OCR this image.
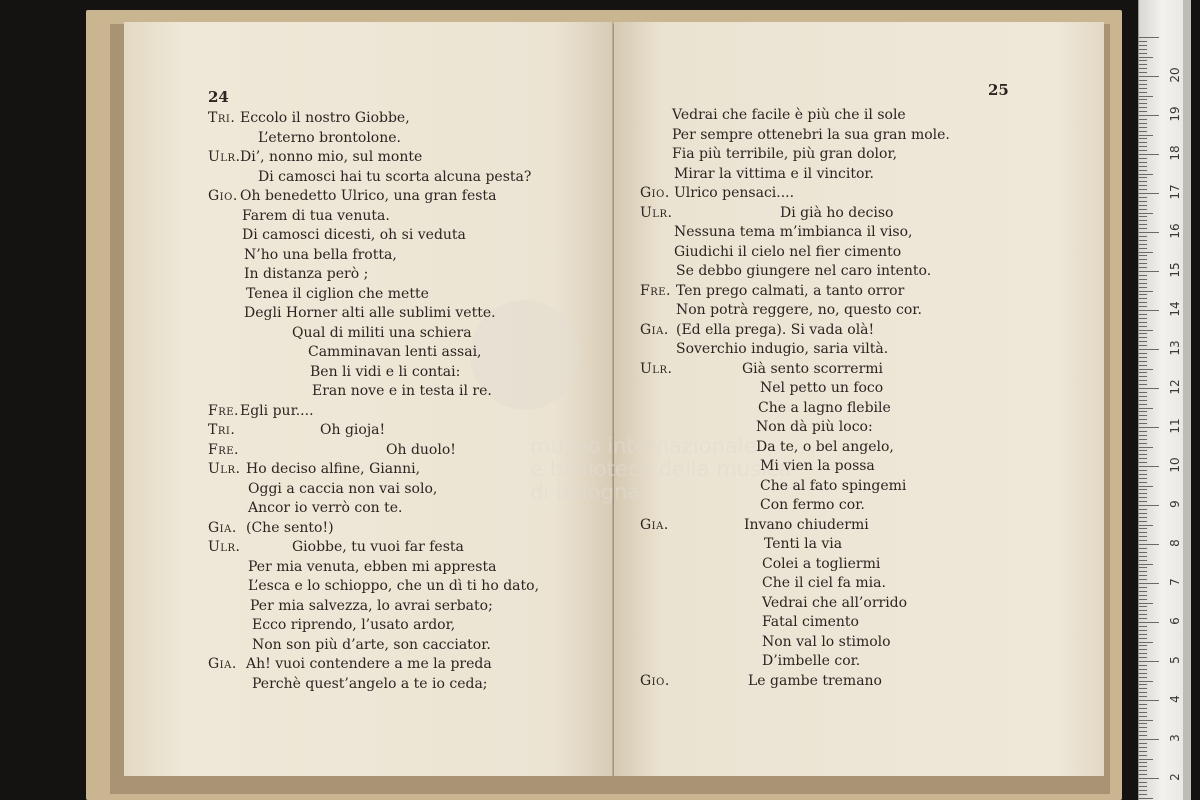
museo internazionale
e biblioteca della musica
di bologna
24	25
Tri. Eccolo il nostro Giobbe,
L’eterno brontolone.
Ulr. Di’, nonno mio, sul monte
Di camosci hai tu scorta alcuna pesta?
Gio. Oh benedetto Ulrico, una gran festa
Farem di tua venuta.
Di camosci dicesti, oh si veduta
N’ho una bella frotta,
In distanza però ;
Tenea il ciglion che mette
Degli Horner alti alle sublimi vette.
Qual di militi una schiera
Camminavan lenti assai,
Ben li vidi e li contai:
Eran nove e in testa il re.
Fre. Egli pur....
Tri.	Oh gioja!
Fre.	Oh duolo!
Ulr. Ho deciso alfine, Gianni,
Oggi a caccia non vai solo,
Ancor io verrò con te.
Gia. (Che sento!)
Ulr.	Giobbe, tu vuoi far festa
Per mia venuta, ebben mi appresta
L’esca e lo schioppo, che un dì ti ho dato,
Per mia salvezza, lo avrai serbato;
Ecco riprendo, l’usato ardor,
Non son più d’arte, son cacciator.
Gia. Ah! vuoi contendere a me la preda
Perchè quest’angelo a te io ceda;
Vedrai che facile è più che il sole
Per sempre ottenebri la sua gran mole.
Fia più terribile, più gran dolor,
Mirar la vittima e il vincitor.
Gio. Ulrico pensaci....
Ulr.	Di già ho deciso
Nessuna tema m’imbianca il viso,
Giudichi il cielo nel fier cimento
Se debbo giungere nel caro intento.
Fre. Ten prego calmati, a tanto orror
Non potrà reggere, no, questo cor.
Gia. (Ed ella prega). Si vada olà!
Soverchio indugio, saria viltà.
Ulr.	Già sento scorrermi
Nel petto un foco
Che a lagno flebile
Non dà più loco:
Da te, o bel angelo,
Mi vien la possa
Che al fato spingemi
Con fermo cor.
Gia.	Invano chiudermi
Tenti la via
Colei a togliermi
Che il ciel fa mia.
Vedrai che all’orrido
Fatal cimento
Non val lo stimolo
D’imbelle cor.
Gio.	Le gambe tremano
2
3
4
5
6
7
8
9
10
11
12
13
14
15
16
17
18
19
20
